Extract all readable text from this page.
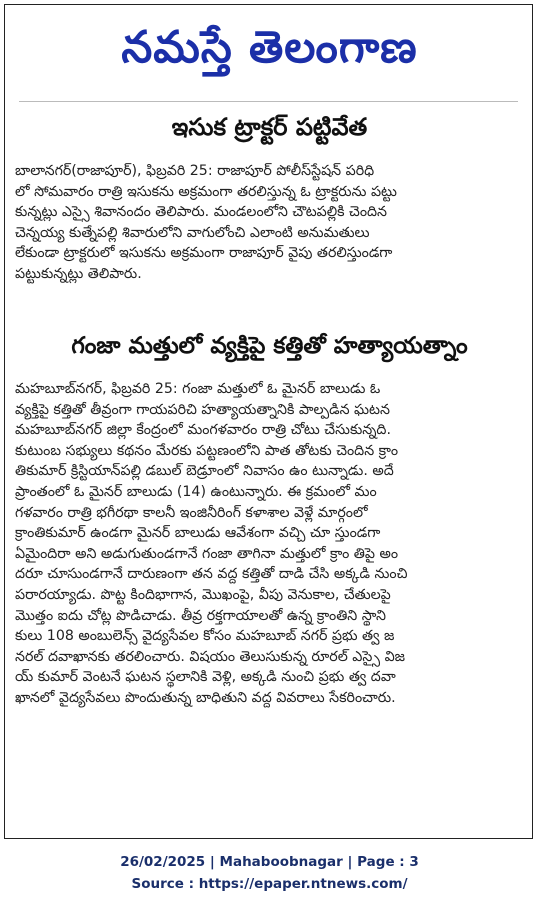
నమస్తే తెలంగాణ
ఇసుక ట్రాక్టర్ పట్టివేత
బాలానగర్(రాజాపూర్), ఫిబ్రవరి 25: రాజాపూర్ పోలీస్‌స్టేషన్ పరిధి
లో సోమవారం రాత్రి ఇసుకను అక్రమంగా తరలిస్తున్న ఓ ట్రాక్టరును పట్టు
కున్నట్లు ఎస్సై శివానందం తెలిపారు. మండలంలోని చౌటపల్లికి చెందిన
చెన్నయ్య కుత్నేపల్లి శివారులోని వాగులోంచి ఎలాంటి అనుమతులు
లేకుండా ట్రాక్టరులో ఇసుకను అక్రమంగా రాజాపూర్ వైపు తరలిస్తుండగా
పట్టుకున్నట్లు తెలిపారు.
గంజా మత్తులో వ్యక్తిపై కత్తితో హత్యాయత్నాం
మహబూబ్‌నగర్, ఫిబ్రవరి 25: గంజా మత్తులో ఓ మైనర్ బాలుడు ఓ
వ్యక్తిపై కత్తితో తీవ్రంగా గాయపరిచి హత్యాయత్నానికి పాల్పడిన ఘటన
మహబూబ్‌నగర్ జిల్లా కేంద్రంలో మంగళవారం రాత్రి చోటు చేసుకున్నది.
కుటుంబ సభ్యులు కథనం మేరకు పట్టణంలోని పాత తోటకు చెందిన క్రాం
తికుమార్ క్రిస్టియాన్‌పల్లి డబుల్ బెడ్రూంలో నివాసం ఉం టున్నాడు. అదే
ప్రాంతంలో ఓ మైనర్ బాలుడు (14) ఉంటున్నారు. ఈ క్రమంలో మం
గళవారం రాత్రి భగీరథా కాలనీ ఇంజినీరింగ్ కళాశాల వెళ్లే మార్గంలో
క్రాంతికుమార్ ఉండగా మైనర్ బాలుడు ఆవేశంగా వచ్చి చూ స్తుండగా
ఏమైందిరా అని అడుగుతుండగానే గంజా తాగినా మత్తులో క్రాం తిపై అం
దరూ చూసుండగానే దారుణంగా తన వద్ద కత్తితో దాడి చేసి అక్కడి నుంచి
పరారయ్యాడు. పొట్ట కిందిభాగాన, మొఖంపై, వీపు వెనుకాల, చేతులపై
మొత్తం ఐదు చోట్ల పొడిచాడు. తీవ్ర రక్తగాయాలతో ఉన్న క్రాంతిని స్థాని
కులు 108 అంబులెన్స్ వైద్యసేవల కోసం మహబూబ్ నగర్ ప్రభు త్వ జ
నరల్ దవాఖానకు తరలించారు. విషయం తెలుసుకున్న రూరల్ ఎస్సై విజ
య్ కుమార్ వెంటనే ఘటన స్థలానికి వెళ్లి, అక్కడి నుంచి ప్రభు త్వ దవా
ఖానలో వైద్యసేవలు పొందుతున్న బాధితుని వద్ద వివరాలు సేకరించారు.
26/02/2025 | Mahaboobnagar | Page : 3
Source : https://epaper.ntnews.com/
